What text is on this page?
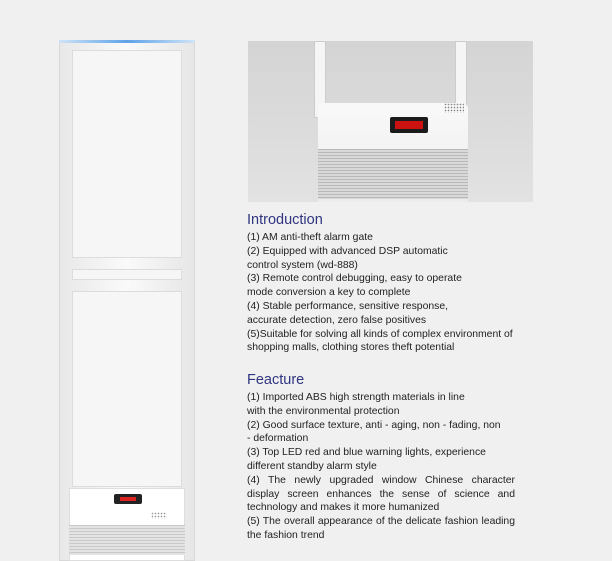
Introduction

(1) AM anti-theft alarm gate

(2) Equipped with advanced DSP automatic

control system (wd-888)

(3) Remote control debugging, easy to operate

mode conversion a key to complete

(4) Stable performance, sensitive response,

accurate detection, zero false positives

(5)Suitable for solving all kinds of complex environment of

shopping malls, clothing stores theft potential

Feacture

(1) Imported ABS high strength materials in line

with the environmental protection

(2) Good surface texture, anti - aging, non - fading, non

- deformation

(3) Top LED red and blue warning lights, experience

different standby alarm style

(4) The newly upgraded window Chinese character display screen enhances the sense of science and technology and makes it more humanized

(5) The overall appearance of the delicate fashion leading the fashion trend
